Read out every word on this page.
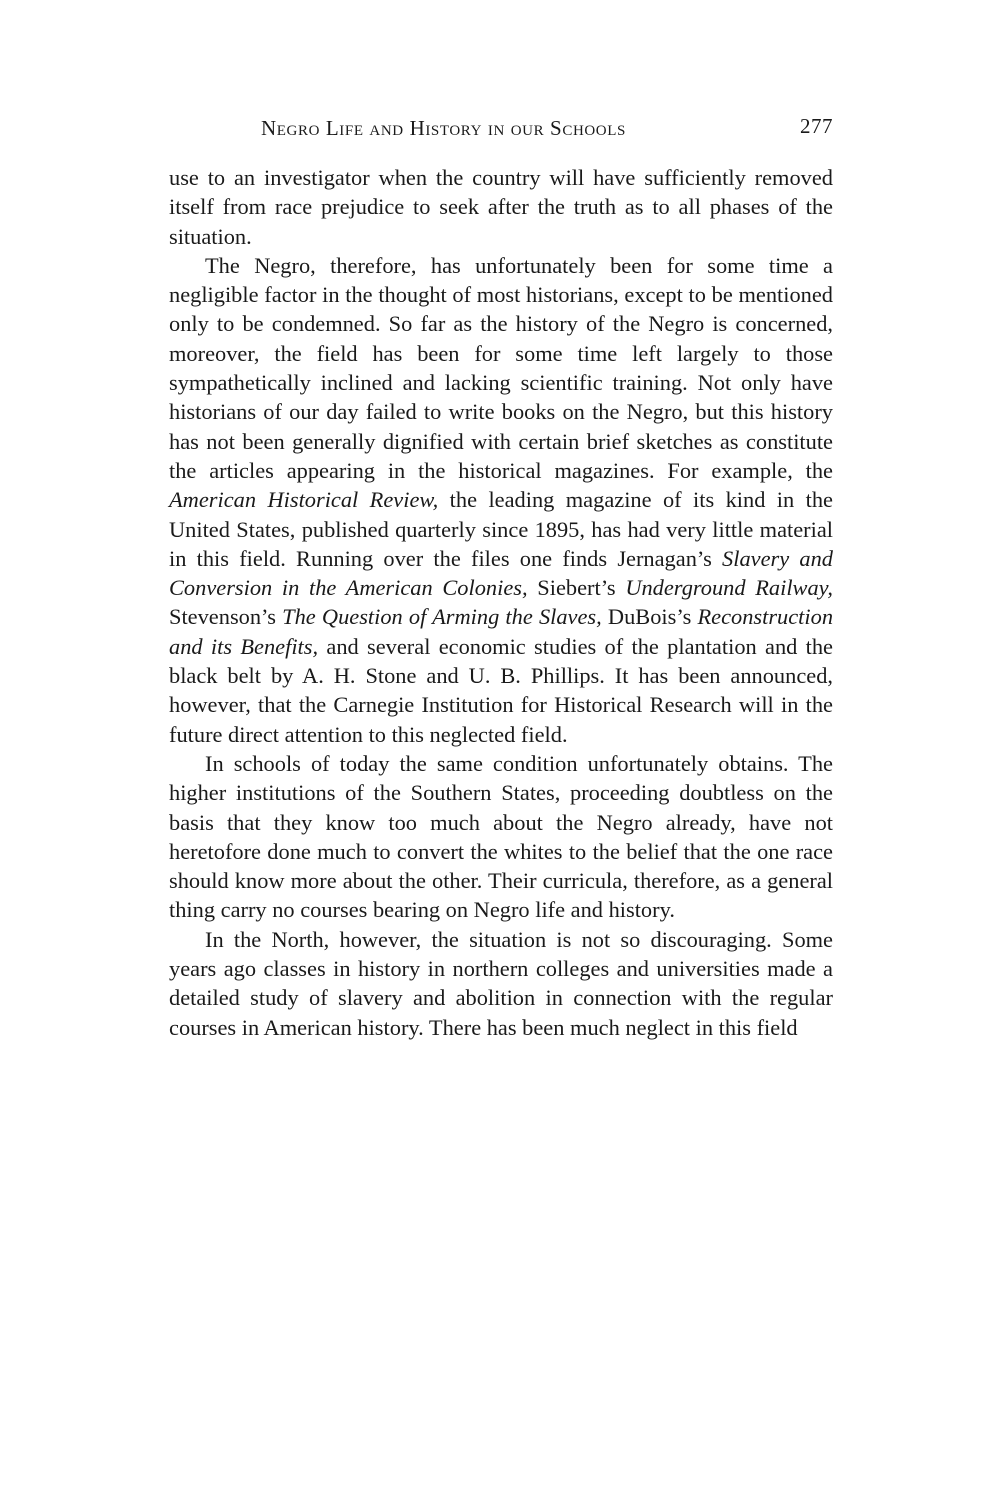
Negro Life and History in our Schools	277

use to an investigator when the country will have sufficiently removed itself from race prejudice to seek after the truth as to all phases of the situation.

The Negro, therefore, has unfortunately been for some time a negligible factor in the thought of most historians, except to be mentioned only to be condemned. So far as the history of the Negro is concerned, moreover, the field has been for some time left largely to those sympathetically inclined and lacking scientific training. Not only have historians of our day failed to write books on the Negro, but this history has not been generally dignified with certain brief sketches as constitute the articles appearing in the historical magazines. For example, the American Historical Review, the leading magazine of its kind in the United States, published quarterly since 1895, has had very little material in this field. Running over the files one finds Jernagan’s Slavery and Conversion in the American Colonies, Siebert’s Underground Railway, Stevenson’s The Question of Arming the Slaves, DuBois’s Reconstruction and its Benefits, and several economic studies of the plantation and the black belt by A. H. Stone and U. B. Phillips. It has been announced, however, that the Carnegie Institution for Historical Research will in the future direct attention to this neglected field.

In schools of today the same condition unfortunately obtains. The higher institutions of the Southern States, proceeding doubtless on the basis that they know too much about the Negro already, have not heretofore done much to convert the whites to the belief that the one race should know more about the other. Their curricula, therefore, as a general thing carry no courses bearing on Negro life and history.

In the North, however, the situation is not so discouraging. Some years ago classes in history in northern colleges and universities made a detailed study of slavery and abolition in connection with the regular courses in American history. There has been much neglect in this field
